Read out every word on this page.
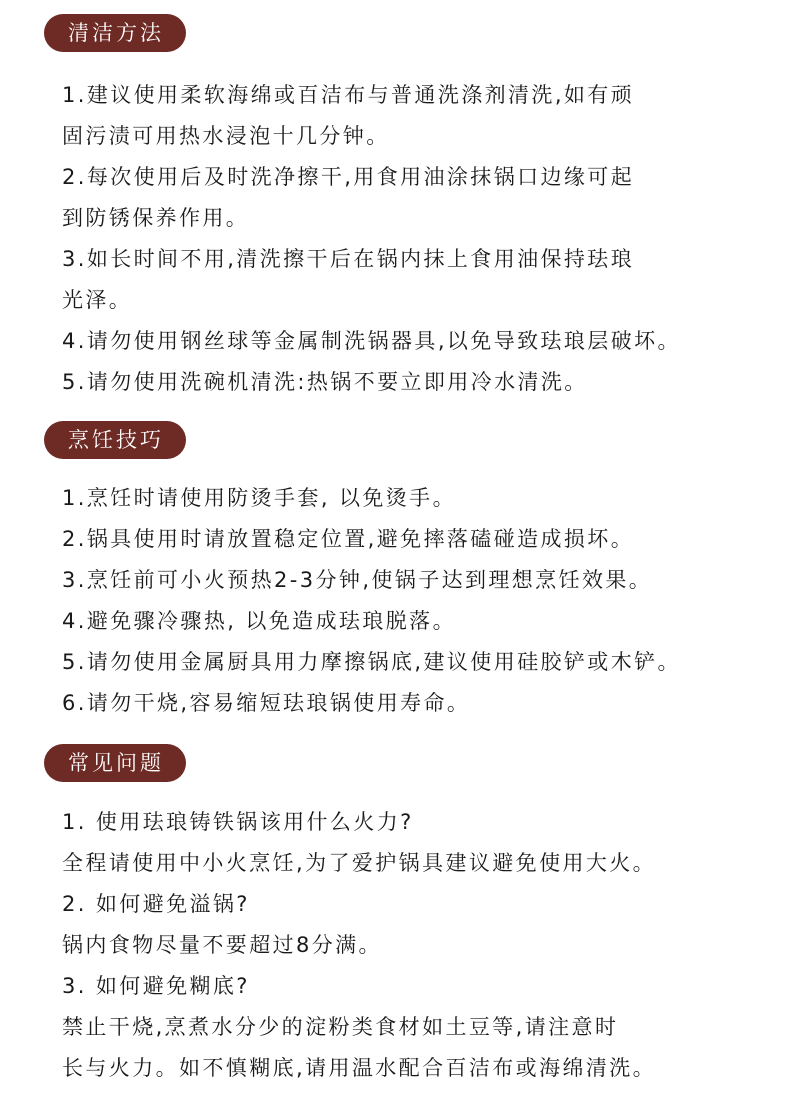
清洁方法
1.建议使用柔软海绵或百洁布与普通洗涤剂清洗,如有顽
固污渍可用热水浸泡十几分钟。
2.每次使用后及时洗净擦干,用食用油涂抹锅口边缘可起
到防锈保养作用。
3.如长时间不用,清洗擦干后在锅内抹上食用油保持珐琅
光泽。
4.请勿使用钢丝球等金属制洗锅器具,以免导致珐琅层破坏。
5.请勿使用洗碗机清洗:热锅不要立即用冷水清洗。
烹饪技巧
1.烹饪时请使用防烫手套, 以免烫手。
2.锅具使用时请放置稳定位置,避免摔落磕碰造成损坏。
3.烹饪前可小火预热2-3分钟,使锅子达到理想烹饪效果。
4.避免骤冷骤热, 以免造成珐琅脱落。
5.请勿使用金属厨具用力摩擦锅底,建议使用硅胶铲或木铲。
6.请勿干烧,容易缩短珐琅锅使用寿命。
常见问题
1. 使用珐琅铸铁锅该用什么火力?
全程请使用中小火烹饪,为了爱护锅具建议避免使用大火。
2. 如何避免溢锅?
锅内食物尽量不要超过8分满。
3. 如何避免糊底?
禁止干烧,烹煮水分少的淀粉类食材如土豆等,请注意时
长与火力。如不慎糊底,请用温水配合百洁布或海绵清洗。
